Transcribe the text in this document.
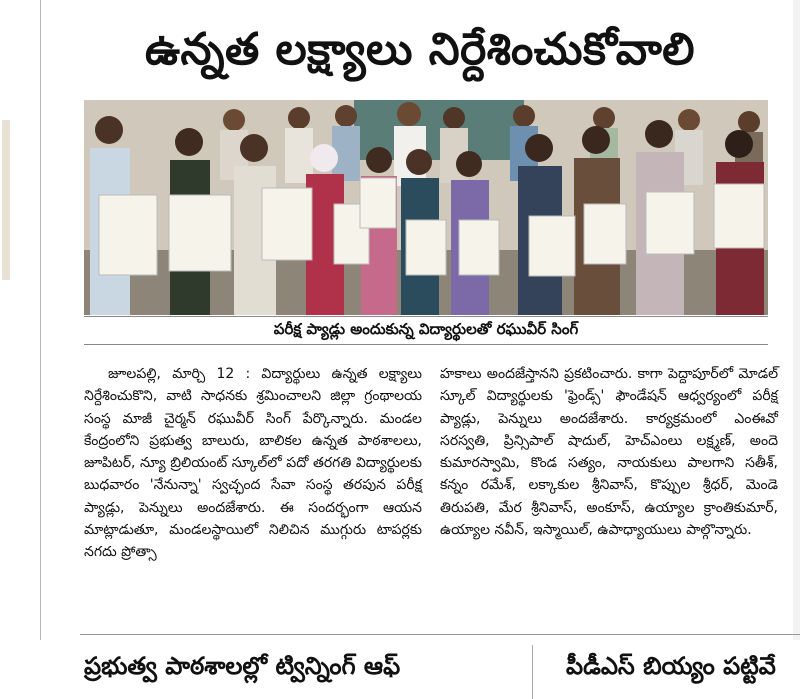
ఉన్నత లక్ష్యాలు నిర్దేశించుకోవాలి

పరీక్ష ప్యాడ్లు అందుకున్న విద్యార్థులతో రఘువీర్ సింగ్

జూలపల్లి, మార్చి 12 : విద్యార్థులు ఉన్నత లక్ష్యాలు నిర్దేశించుకొని, వాటి సాధనకు శ్రమించాలని జిల్లా గ్రంథాలయ సంస్థ మాజీ చైర్మన్ రఘువీర్ సింగ్ పేర్కొన్నారు. మండల కేంద్రంలోని ప్రభుత్వ బాలురు, బాలికల ఉన్నత పాఠశాలలు, జూపిటర్, న్యూ బ్రిలియంట్ స్కూల్‌లో పదో తరగతి విద్యార్థులకు బుధవారం 'నేనున్నా' స్వచ్ఛంద సేవా సంస్థ తరపున పరీక్ష ప్యాడ్లు, పెన్నులు అందజేశారు. ఈ సందర్భంగా ఆయన మాట్లాడుతూ, మండలస్థాయిలో నిలిచిన ముగ్గురు టాపర్లకు నగదు ప్రోత్సా

హకాలు అందజేస్తానని ప్రకటించారు. కాగా పెద్దాపూర్‌లో మోడల్ స్కూల్ విద్యార్థులకు 'ఫ్రెండ్స్' ఫౌండేషన్ ఆధ్వర్యంలో పరీక్ష ప్యాడ్లు, పెన్నులు అందజేశారు. కార్యక్రమంలో ఎంఈవో సరస్వతి, ప్రిన్సిపాల్ షాదుల్, హెచ్‌ఎంలు లక్ష్మణ్, అందె కుమారస్వామి, కొండ సత్యం, నాయకులు పాలగాని సతీశ్, కన్నం రమేశ్, లక్కాకుల శ్రీనివాస్, కొప్పుల శ్రీధర్, మెండె తిరుపతి, మేర శ్రీనివాస్, అంకూస్, ఉయ్యాల క్రాంతికుమార్, ఉయ్యాల నవీన్, ఇస్మాయిల్, ఉపాధ్యాయులు పాల్గొన్నారు.

ప్రభుత్వ పాఠశాలల్లో ట్విన్నింగ్ ఆఫ్	పీడీఎస్ బియ్యం పట్టివే
